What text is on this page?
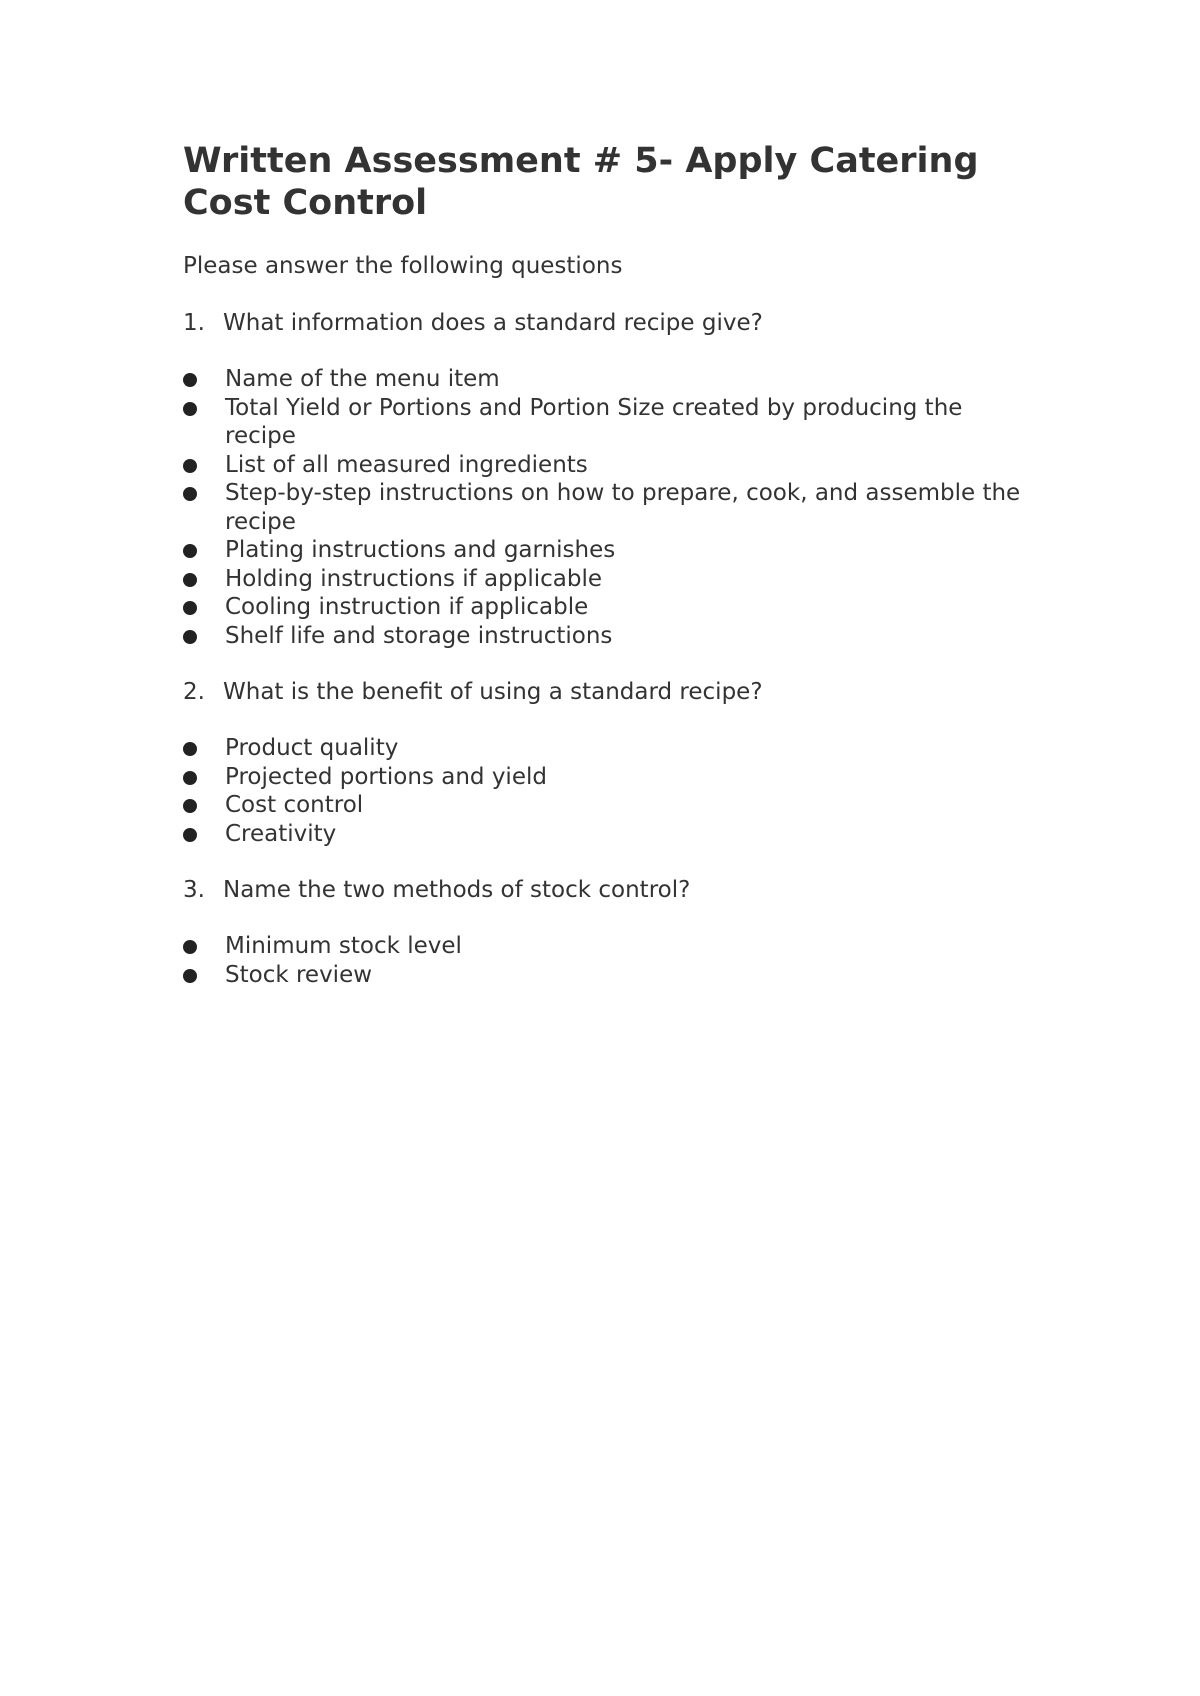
Written Assessment # 5- Apply Catering Cost Control

Please answer the following questions

1. What information does a standard recipe give?
Name of the menu item
Total Yield or Portions and Portion Size created by producing the recipe
List of all measured ingredients
Step-by-step instructions on how to prepare, cook, and assemble the recipe
Plating instructions and garnishes
Holding instructions if applicable
Cooling instruction if applicable
Shelf life and storage instructions
2. What is the benefit of using a standard recipe?
Product quality
Projected portions and yield
Cost control
Creativity
3. Name the two methods of stock control?
Minimum stock level
Stock review
